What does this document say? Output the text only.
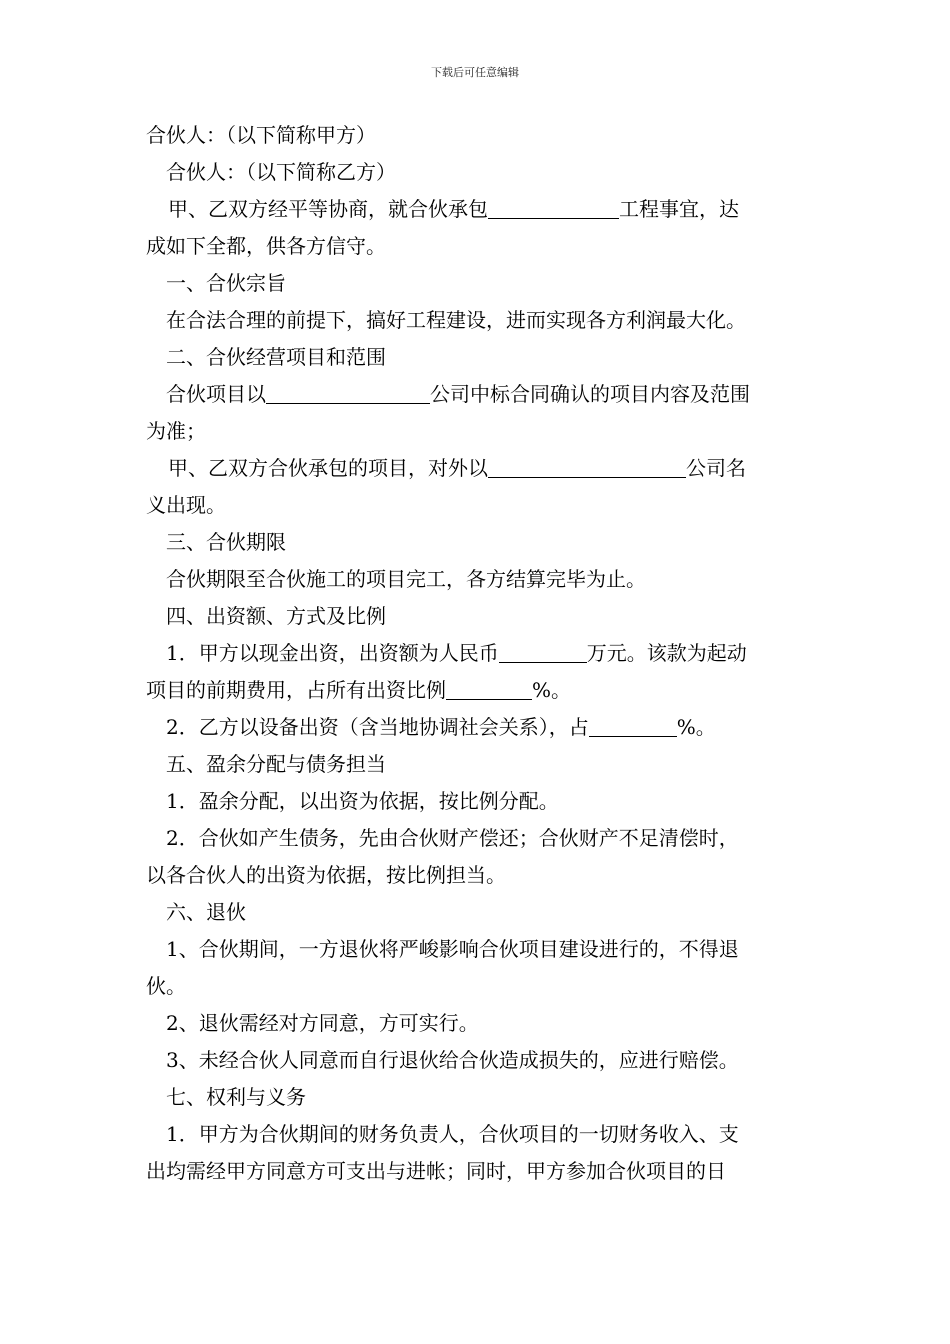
下载后可任意编辑
合伙人：（以下简称甲方）
合伙人：（以下简称乙方）
甲、乙双方经平等协商，就合伙承包	工程事宜，达
成如下全都，供各方信守。
一、合伙宗旨
在合法合理的前提下，搞好工程建设，进而实现各方利润最大化。
二、合伙经营项目和范围
合伙项目以	公司中标合同确认的项目内容及范围
为准；
甲、乙双方合伙承包的项目，对外以	公司名
义出现。
三、合伙期限
合伙期限至合伙施工的项目完工，各方结算完毕为止。
四、出资额、方式及比例
1．甲方以现金出资，出资额为人民币	万元。该款为起动
项目的前期费用，占所有出资比例	%。
2．乙方以设备出资（含当地协调社会关系），占	%。
五、盈余分配与债务担当
1．盈余分配，以出资为依据，按比例分配。
2．合伙如产生债务，先由合伙财产偿还；合伙财产不足清偿时，
以各合伙人的出资为依据，按比例担当。
六、退伙
1、合伙期间，一方退伙将严峻影响合伙项目建设进行的，不得退
伙。
2、退伙需经对方同意，方可实行。
3、未经合伙人同意而自行退伙给合伙造成损失的，应进行赔偿。
七、权利与义务
1．甲方为合伙期间的财务负责人，合伙项目的一切财务收入、支
出均需经甲方同意方可支出与进帐；同时，甲方参加合伙项目的日
